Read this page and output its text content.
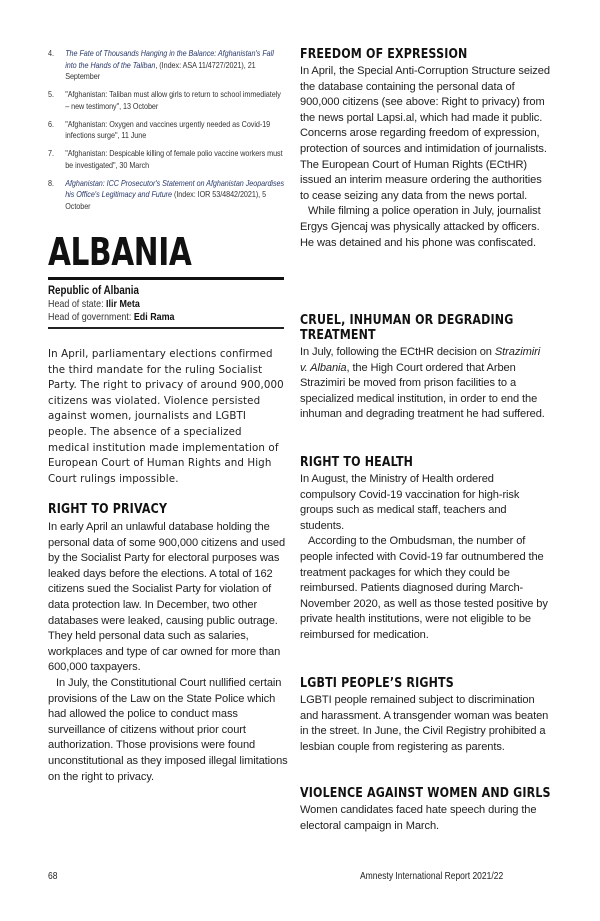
4.	The Fate of Thousands Hanging in the Balance: Afghanistan's Fall into the Hands of the Taliban, (Index: ASA 11/4727/2021), 21 September
5.	"Afghanistan: Taliban must allow girls to return to school immediately – new testimony", 13 October
6.	"Afghanistan: Oxygen and vaccines urgently needed as Covid-19 infections surge", 11 June
7.	"Afghanistan: Despicable killing of female polio vaccine workers must be investigated", 30 March
8.	Afghanistan: ICC Prosecutor's Statement on Afghanistan Jeopardises his Office's Legitimacy and Future (Index: IOR 53/4842/2021), 5 October
ALBANIA
Republic of Albania
Head of state: Ilir Meta
Head of government: Edi Rama

In April, parliamentary elections confirmed the third mandate for the ruling Socialist Party. The right to privacy of around 900,000 citizens was violated. Violence persisted against women, journalists and LGBTI people. The absence of a specialized medical institution made implementation of European Court of Human Rights and High Court rulings impossible.

RIGHT TO PRIVACY

In early April an unlawful database holding the personal data of some 900,000 citizens and used by the Socialist Party for electoral purposes was leaked days before the elections. A total of 162 citizens sued the Socialist Party for violation of data protection law. In December, two other databases were leaked, causing public outrage. They held personal data such as salaries, workplaces and type of car owned for more than 600,000 taxpayers.

In July, the Constitutional Court nullified certain provisions of the Law on the State Police which had allowed the police to conduct mass surveillance of citizens without prior court authorization. Those provisions were found unconstitutional as they imposed illegal limitations on the right to privacy.

FREEDOM OF EXPRESSION

In April, the Special Anti-Corruption Structure seized the database containing the personal data of 900,000 citizens (see above: Right to privacy) from the news portal Lapsi.al, which had made it public. Concerns arose regarding freedom of expression, protection of sources and intimidation of journalists. The European Court of Human Rights (ECtHR) issued an interim measure ordering the authorities to cease seizing any data from the news portal.

While filming a police operation in July, journalist Ergys Gjencaj was physically attacked by officers. He was detained and his phone was confiscated.

CRUEL, INHUMAN OR DEGRADING
TREATMENT

In July, following the ECtHR decision on Strazimiri v. Albania, the High Court ordered that Arben Strazimiri be moved from prison facilities to a specialized medical institution, in order to end the inhuman and degrading treatment he had suffered.

RIGHT TO HEALTH

In August, the Ministry of Health ordered compulsory Covid-19 vaccination for high-risk groups such as medical staff, teachers and students.

According to the Ombudsman, the number of people infected with Covid-19 far outnumbered the treatment packages for which they could be reimbursed. Patients diagnosed during March-November 2020, as well as those tested positive by private health institutions, were not eligible to be reimbursed for medication.

LGBTI PEOPLE’S RIGHTS

LGBTI people remained subject to discrimination and harassment. A transgender woman was beaten in the street. In June, the Civil Registry prohibited a lesbian couple from registering as parents.

VIOLENCE AGAINST WOMEN AND GIRLS

Women candidates faced hate speech during the electoral campaign in March.

68	Amnesty International Report 2021/22
